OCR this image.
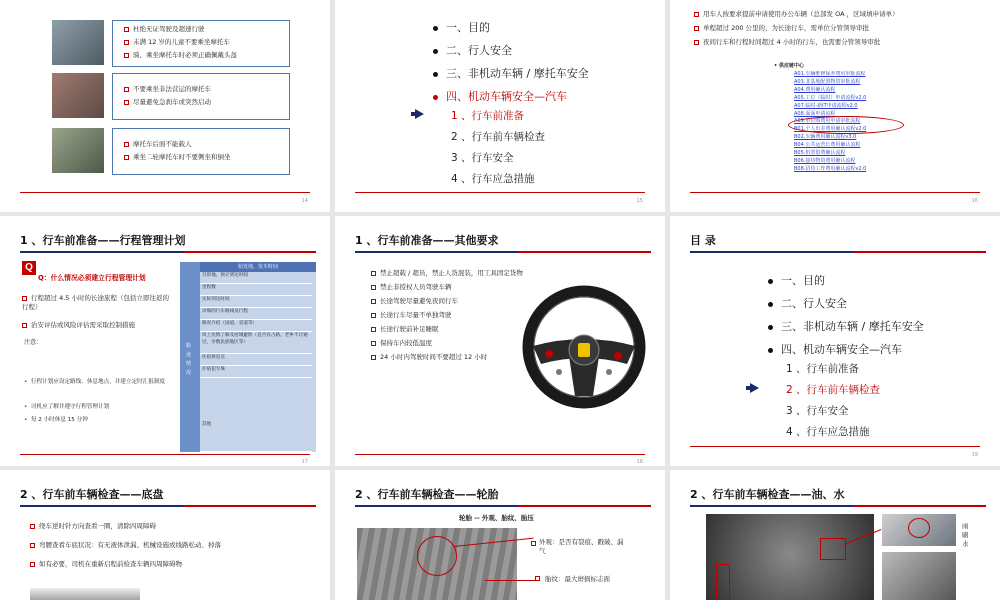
杜绝无证驾驶及超速行驶
未满 12 岁的儿童不要乘坐摩托车
骑、乘坐摩托车时必须正确佩戴头盔
不要乘坐非法营运的摩托车
尽量避免急刹车或突然启动
摩托车后面不能载人
乘坐二轮摩托车时不要侧坐和倒坐
14
一、目的
二、行人安全
三、非机动车辆 / 摩托车安全
四、机动车辆安全—汽车
1 、行车前准备
2 、行车前车辆检查
3 、行车安全
4 、行车应急措施
15
用车人按要求提前申请使用办公车辆（总部发 OA ，区域填申请单）
单程超过 200 公里的，为长途行车，需单位分管领导审批
夜间行车和行程时间超过 4 小时的行车，也需要分管领导审批
• 供应链中心
A01.车辆维修保养费用审批流程
A03.非基地配置物资审批流程
A04.费用确认流程
A05.工位（临时）申请流程v2.0
A07.临时-新IT申请流程v2.0
A08.面面申请流程
A09.单位购费用申请审批流程
B01.个人出差费用确认流程v2.0
B02.车辆费用确认流程v3.0
B04.公共运营长费用确认流程
B05.机票借费确认流程
B06.接待物资费用确认流程
B08.招待工作费用确认流程v2.0
16
1 、行车前准备——行程管理计划
Q
Q：什么情况必须建立行程管理计划
行程超过 4.5 小时的长途旅程（包括立即往返的行程）
治安评估或风险评估需采取控制措施
注意：
• 行程计划应设定路线、休息地点，并建立定时汇报制度
• 司机应了解并遵守行程管理计划
• 每 2 小时休息 15 分钟
始发地、发车时间
路 途 情 况
目的地、预计到达时间
里程数
实际到达时间
详细的行车路线及行程
路况介绍（国道、省道等）
风土民情了解及居城避险（是否有占路，老乡不让通过，少数民族地区等）
住宿休息点
仟依犯专珠
其他
17
1 、行车前准备——其他要求
禁止超载 / 超员，禁止人货混装，用工具固定货物
禁止非授权人员驾驶车辆
长途驾驶尽量避免夜间行车
长途行车尽量不单独驾驶
长途行驶前补足睡眠
保持车内较低温度
24 小时内驾驶时间不要超过 12 小时
18
目 录
一、目的
二、行人安全
三、非机动车辆 / 摩托车安全
四、机动车辆安全—汽车
1 、行车前准备
2 、行车前车辆检查
3 、行车安全
4 、行车应急措施
19
2 、行车前车辆检查——底盘
绕车逆时针方向查看一圈，清除四周障碍
弯腰查看车底状况：有无液体泄漏、机械设施或线路松动、掉落
如有必要，司机在重新启程前检查车辆四周障碍物
2 、行车前车辆检查——轮胎
轮胎 -- 外观、胎纹、胎压
外观：是否有裂痕、戳破、漏气
胎纹：最大磨损标志面
2 、行车前车辆检查——油、水
雨刷水
